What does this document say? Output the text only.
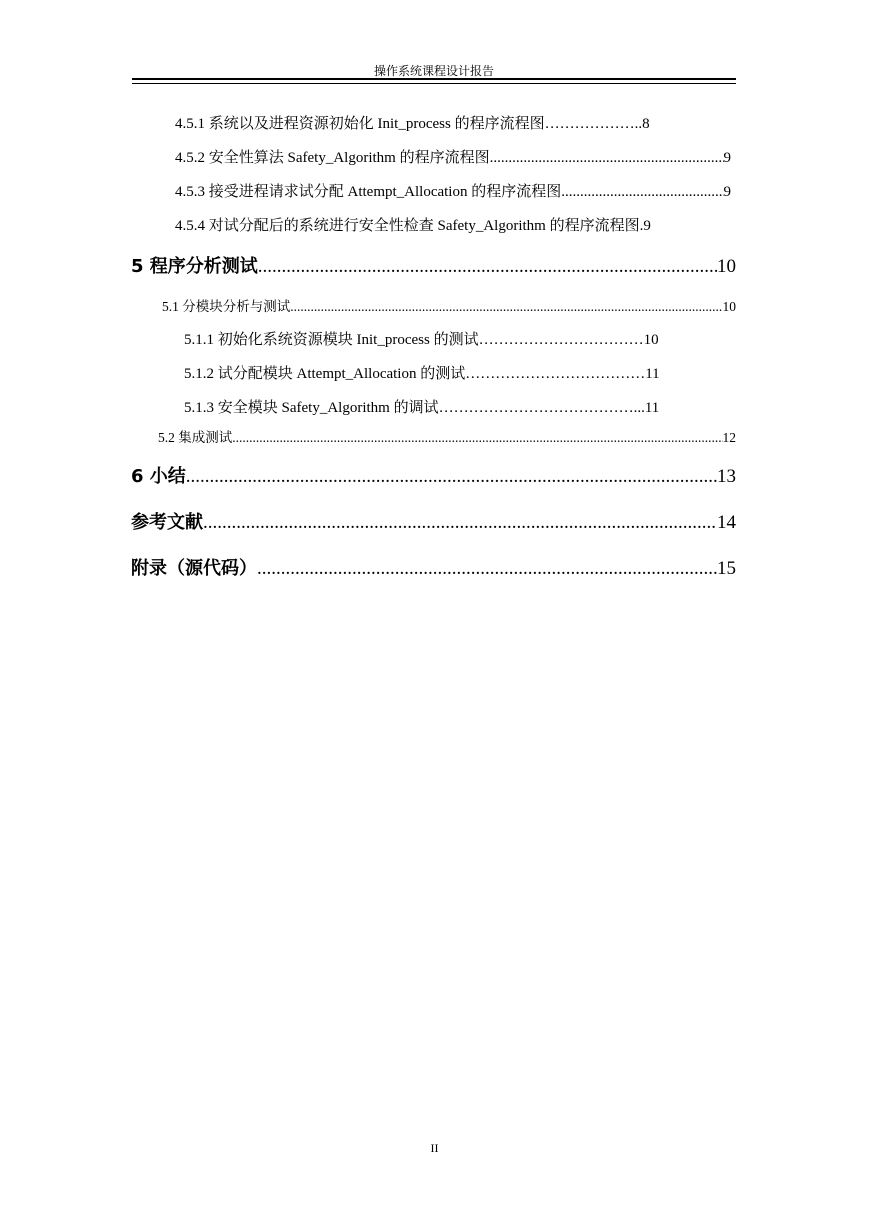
操作系统课程设计报告
4.5.1 系统以及进程资源初始化 Init_process 的程序流程图……………….. 8
4.5.2 安全性算法 Safety_Algorithm 的程序流程图 .....	9
4.5.3 接受进程请求试分配 Attempt_Allocation 的程序流程图 .....	9
4.5.4 对试分配后的系统进行安全性检查 Safety_Algorithm 的程序流程图. 9
5 程序分析测试 .....	10
5.1 分模块分析与测试 .....	10
5.1.1 初始化系统资源模块 Init_process 的测试…………………………… 10
5.1.2 试分配模块 Attempt_Allocation 的测试……………………………… 11
5.1.3 安全模块 Safety_Algorithm 的调试…………………………………... 11
5.2 集成测试 .....	12
6 小结 .....	13
参考文献 .....	14
附录（源代码） .....	15
II
